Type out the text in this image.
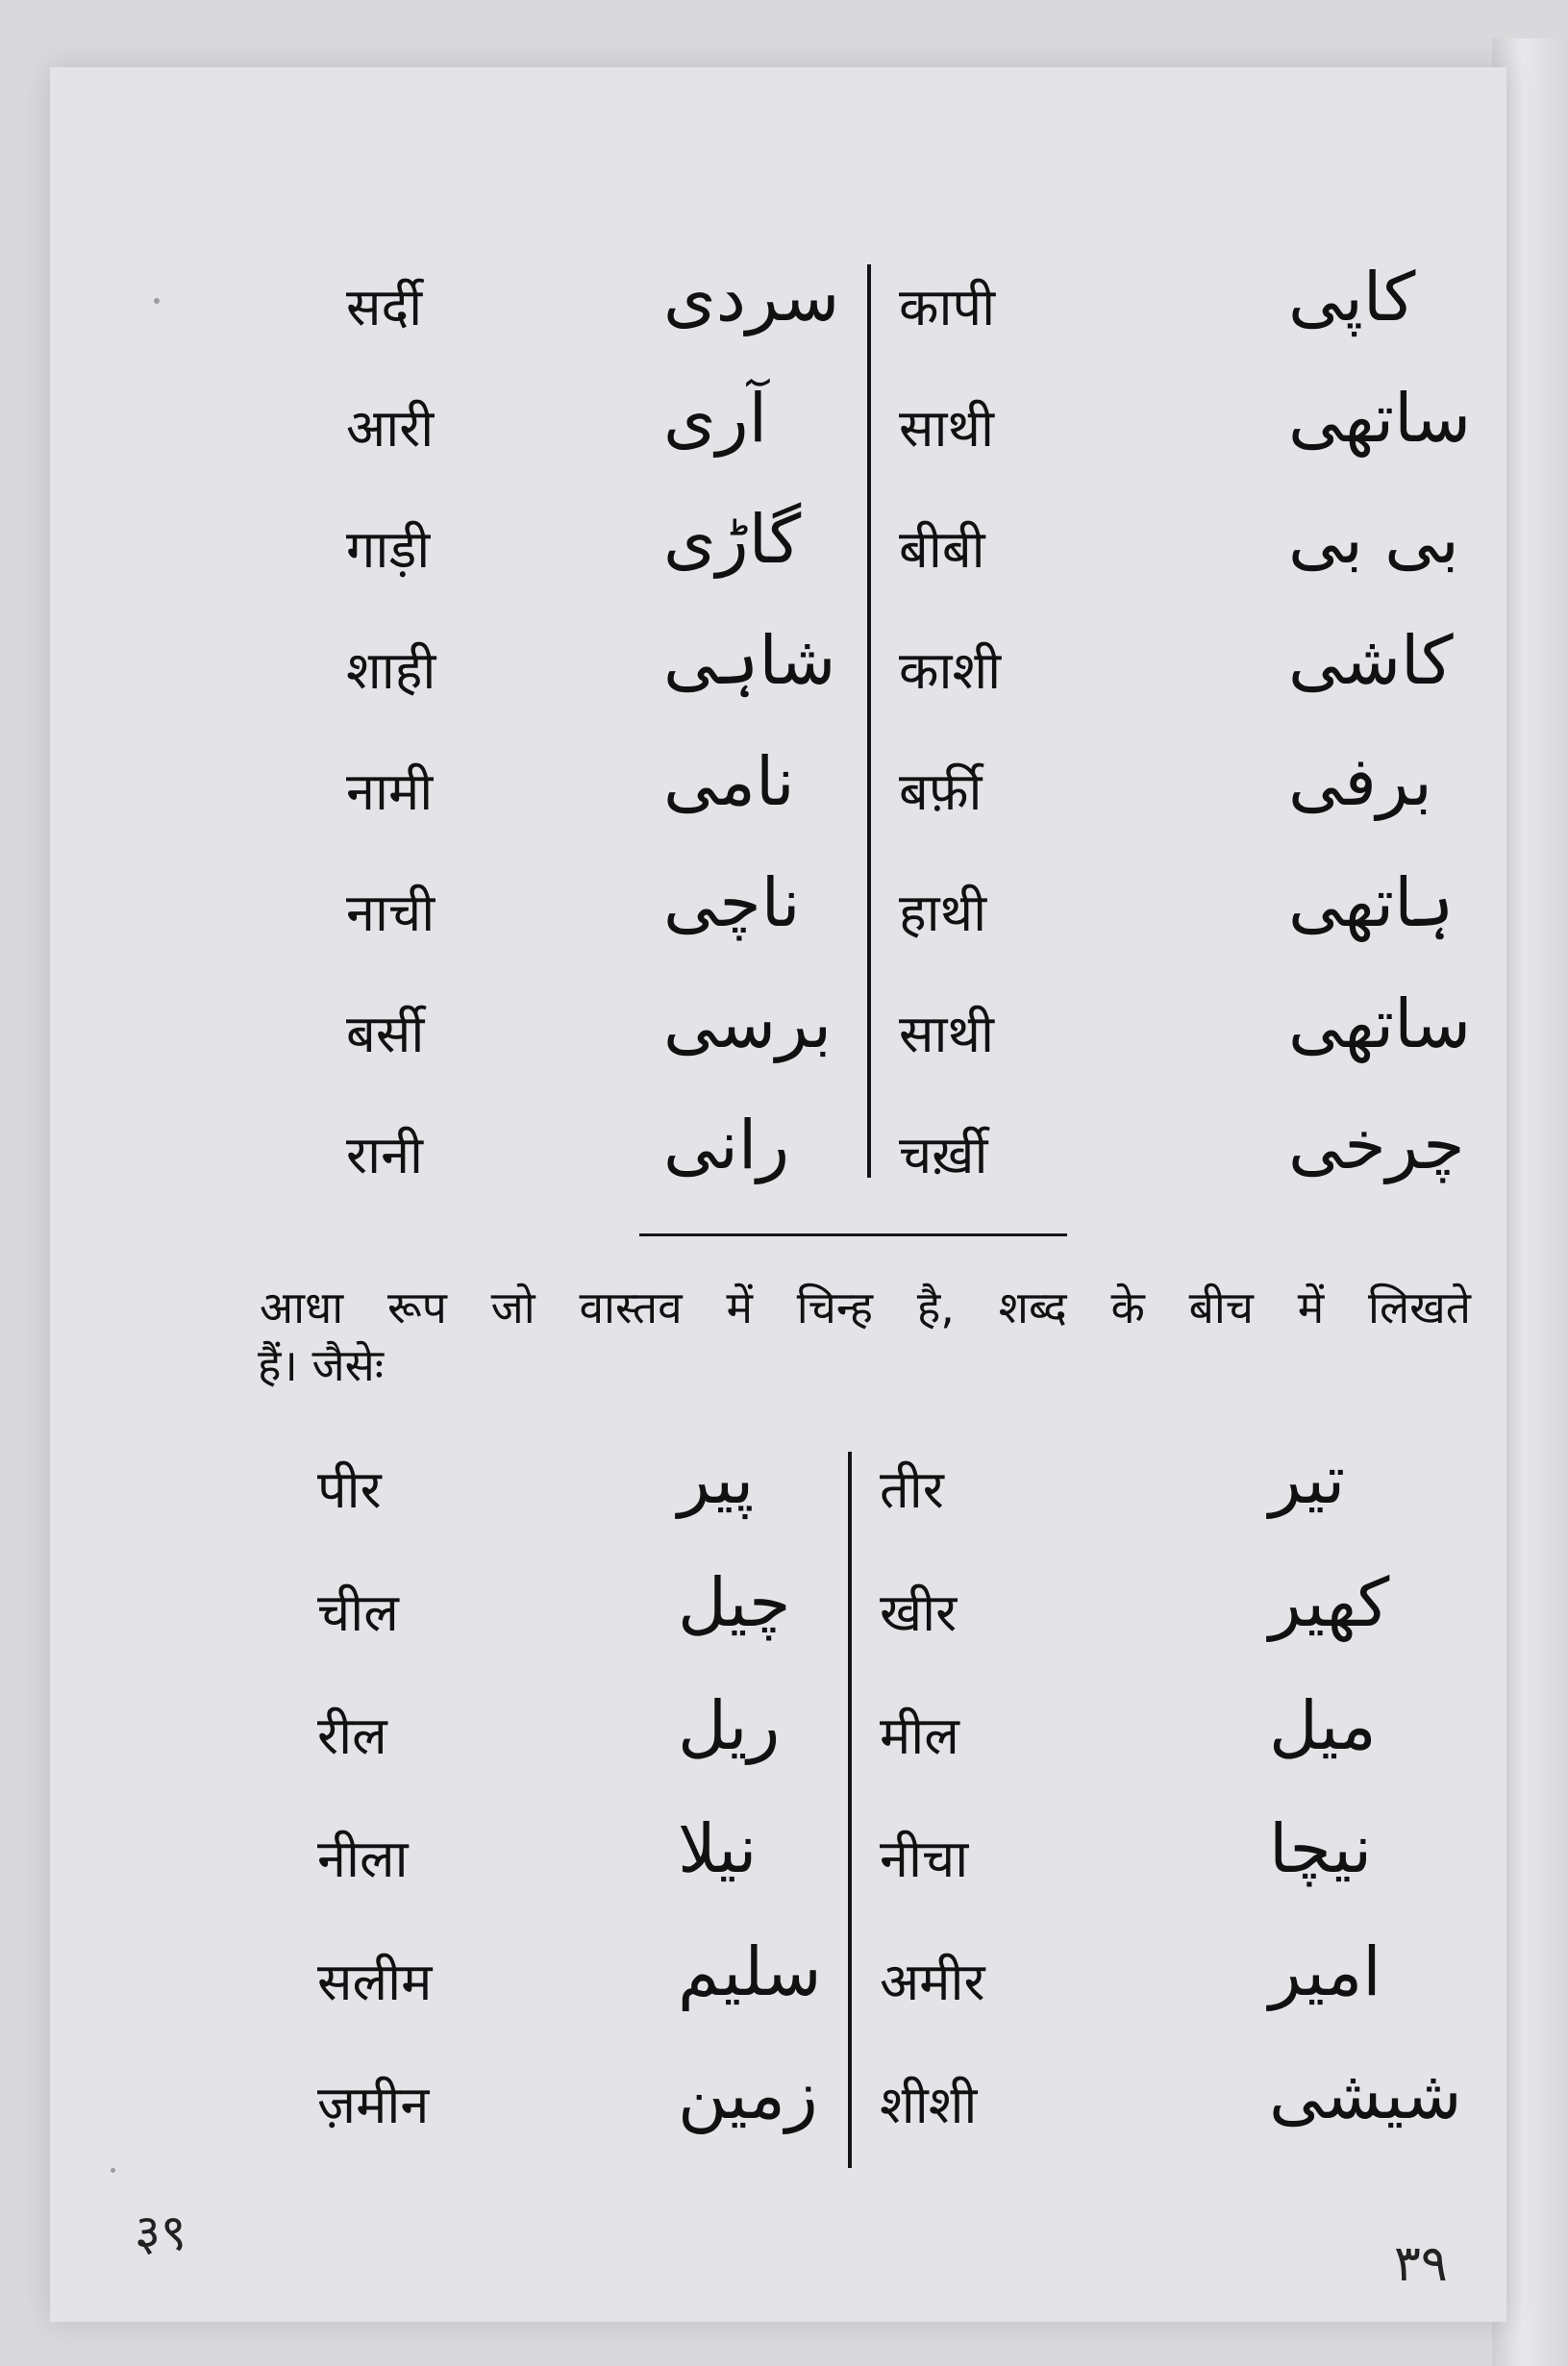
सर्दी	سردی कापी	کاپی
आरी	آری	साथी	ساتھی
गाड़ी	گاڑی बीबी	بی بی
शाही	شاہی काशी	کاشی
नामी	نامی बर्फ़ी	برفی
नाची	ناچی हाथी	ہاتھی
बर्सी	برسی साथी	ساتھی
रानी	رانی चर्ख़ी	چرخی
आधा रूप जो वास्तव में चिन्ह है, शब्द के बीच में लिखते
हैं। जैसेः
पीर	پیر तीर	تیر
चील	چیل खीर	کھیر
रील	ریل मील	میل
नीला	نیلا नीचा	نیچا
सलीम	سلیم अमीर	امیر
ज़मीन	زمین शीशी	شیشی
३९
۳۹
